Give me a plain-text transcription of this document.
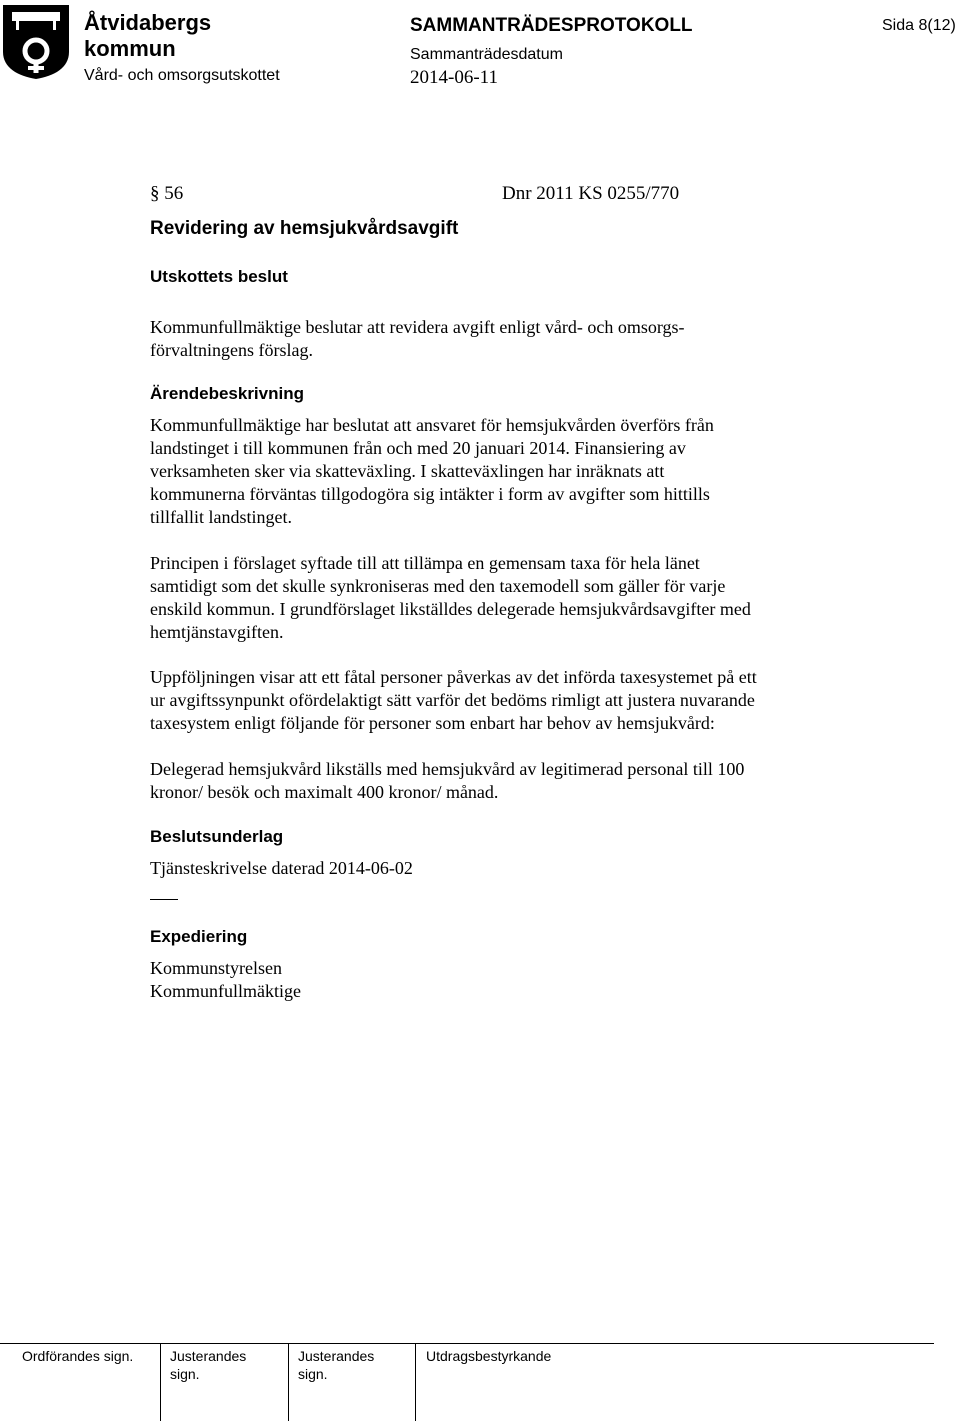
Åtvidabergs
kommun
Vård- och omsorgsutskottet
SAMMANTRÄDESPROTOKOLL
Sammanträdesdatum
2014-06-11
Sida 8(12)
§ 56	Dnr 2011 KS 0255/770
Revidering av hemsjukvårdsavgift
Utskottets beslut
Kommunfullmäktige beslutar att revidera avgift enligt vård- och omsorgs-
förvaltningens förslag.
Ärendebeskrivning
Kommunfullmäktige har beslutat att ansvaret för hemsjukvården överförs från
landstinget i till kommunen från och med 20 januari 2014. Finansiering av
verksamheten sker via skatteväxling. I skatteväxlingen har inräknats att
kommunerna förväntas tillgodogöra sig intäkter i form av avgifter som hittills
tillfallit landstinget.
Principen i förslaget syftade till att tillämpa en gemensam taxa för hela länet
samtidigt som det skulle synkroniseras med den taxemodell som gäller för varje
enskild kommun. I grundförslaget likställdes delegerade hemsjukvårdsavgifter med
hemtjänstavgiften.
Uppföljningen visar att ett fåtal personer påverkas av det införda taxesystemet på ett
ur avgiftssynpunkt ofördelaktigt sätt varför det bedöms rimligt att justera nuvarande
taxesystem enligt följande för personer som enbart har behov av hemsjukvård:
Delegerad hemsjukvård likställs med hemsjukvård av legitimerad personal till 100
kronor/ besök och maximalt 400 kronor/ månad.
Beslutsunderlag
Tjänsteskrivelse daterad 2014-06-02
Expediering
Kommunstyrelsen
Kommunfullmäktige
Ordförandes sign.	Justerandes
sign.
Justerandes
sign.
Utdragsbestyrkande
